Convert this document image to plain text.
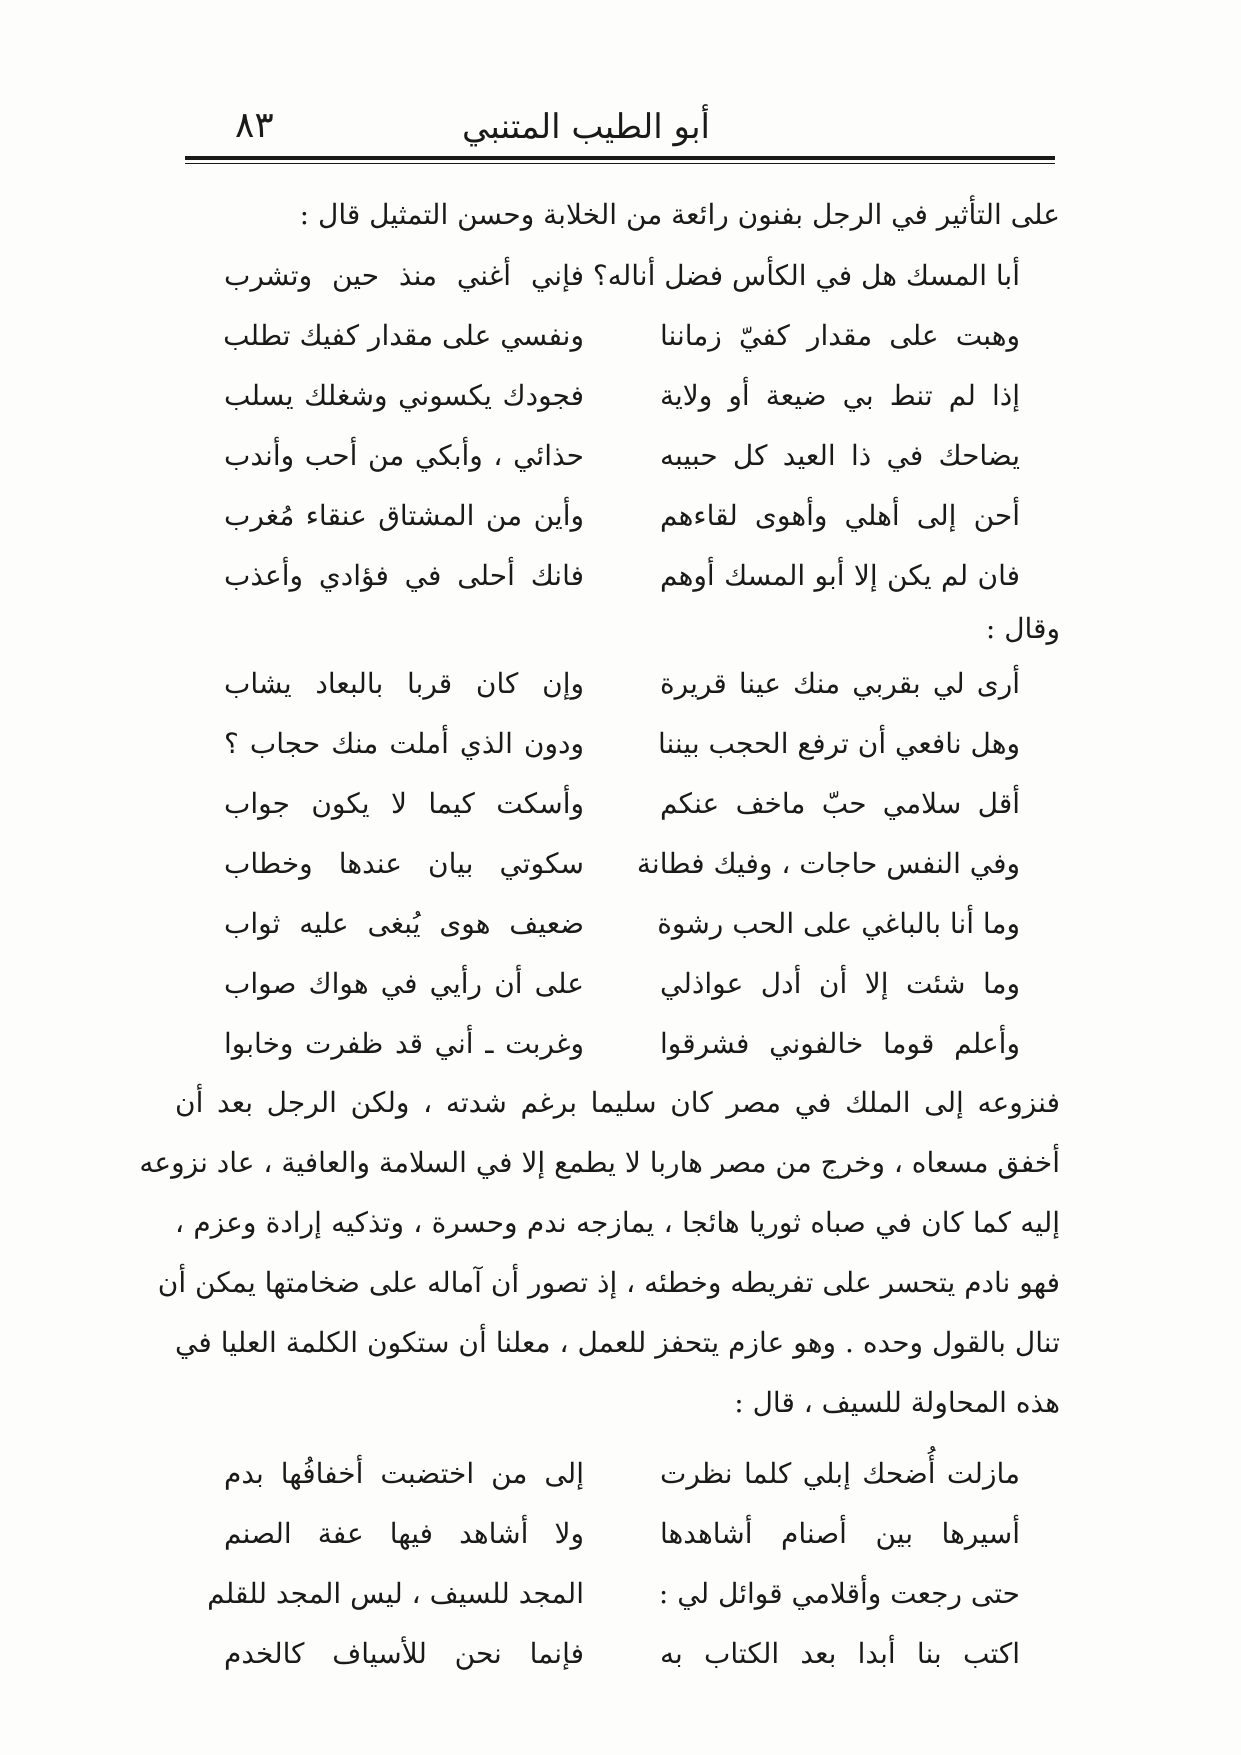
أبو الطيب المتنبي
٨٣
على التأثير في الرجل بفنون رائعة من الخلابة وحسن التمثيل قال :
أبا المسك هل في الكأس فضل أناله؟
فإني أغني منذ حين وتشرب
وهبت على مقدار كفيّ زماننا
ونفسي على مقدار كفيك تطلب
إذا لم تنط بي ضيعة أو ولاية
فجودك يكسوني وشغلك يسلب
يضاحك في ذا العيد كل حبيبه
حذائي ، وأبكي من أحب وأندب
أحن إلى أهلي وأهوى لقاءهم
وأين من المشتاق عنقاء مُغرب
فان لم يكن إلا أبو المسك أوهم
فانك أحلى في فؤادي وأعذب
وقال :
أرى لي بقربي منك عينا قريرة
وإن كان قربا بالبعاد يشاب
وهل نافعي أن ترفع الحجب بيننا
ودون الذي أملت منك حجاب ؟
أقل سلامي حبّ ماخف عنكم
وأسكت كيما لا يكون جواب
وفي النفس حاجات ، وفيك فطانة
سكوتي بيان عندها وخطاب
وما أنا بالباغي على الحب رشوة
ضعيف هوى يُبغى عليه ثواب
وما شئت إلا أن أدل عواذلي
على أن رأيي في هواك صواب
وأعلم قوما خالفوني فشرقوا
وغربت ـ أني قد ظفرت وخابوا
فنزوعه إلى الملك في مصر كان سليما برغم شدته ، ولكن الرجل بعد أن
أخفق مسعاه ، وخرج من مصر هاربا لا يطمع إلا في السلامة والعافية ، عاد نزوعه
إليه كما كان في صباه ثوريا هائجا ، يمازجه ندم وحسرة ، وتذكيه إرادة وعزم ،
فهو نادم يتحسر على تفريطه وخطئه ، إذ تصور أن آماله على ضخامتها يمكن أن
تنال بالقول وحده . وهو عازم يتحفز للعمل ، معلنا أن ستكون الكلمة العليا في
هذه المحاولة للسيف ، قال :
مازلت أُضحك إبلي كلما نظرت
إلى من اختضبت أخفافُها بدم
أسيرها بين أصنام أشاهدها
ولا أشاهد فيها عفة الصنم
حتى رجعت وأقلامي قوائل لي :
المجد للسيف ، ليس المجد للقلم
اكتب بنا أبدا بعد الكتاب به
فإنما نحن للأسياف كالخدم
